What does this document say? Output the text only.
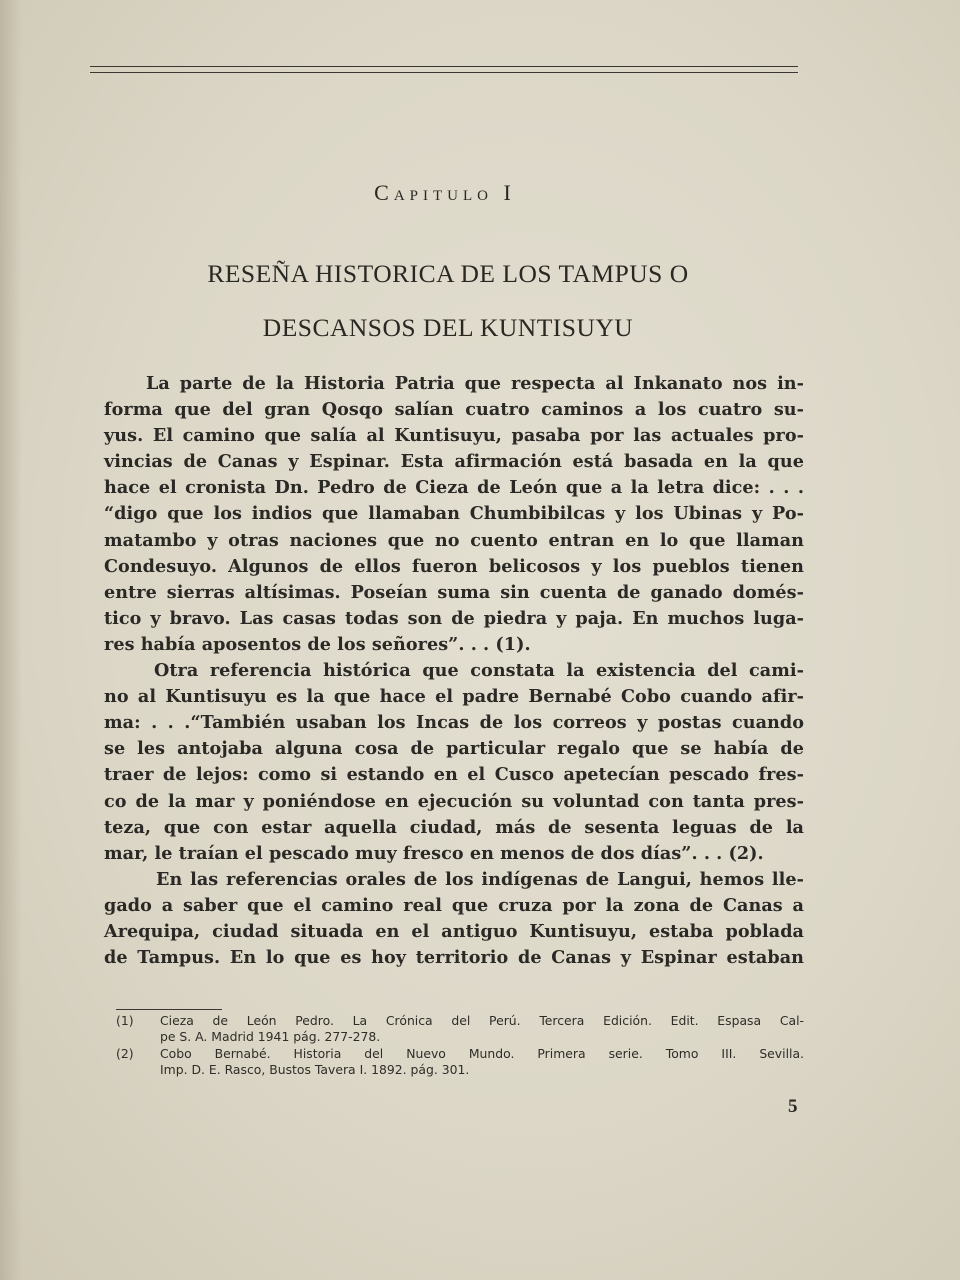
Capitulo I
RESEÑA HISTORICA DE LOS TAMPUS O
DESCANSOS DEL KUNTISUYU
La parte de la Historia Patria que respecta al Inkanato nos in-
forma que del gran Qosqo salían cuatro caminos a los cuatro su-
yus. El camino que salía al Kuntisuyu, pasaba por las actuales pro-
vincias de Canas y Espinar. Esta afirmación está basada en la que
hace el cronista Dn. Pedro de Cieza de León que a la letra dice: . . .
“digo que los indios que llamaban Chumbibilcas y los Ubinas y Po-
matambo y otras naciones que no cuento entran en lo que llaman
Condesuyo. Algunos de ellos fueron belicosos y los pueblos tienen
entre sierras altísimas. Poseían suma sin cuenta de ganado domés-
tico y bravo. Las casas todas son de piedra y paja. En muchos luga-
res había aposentos de los señores”. . . (1).
Otra referencia histórica que constata la existencia del cami-
no al Kuntisuyu es la que hace el padre Bernabé Cobo cuando afir-
ma: . . .“También usaban los Incas de los correos y postas cuando
se les antojaba alguna cosa de particular regalo que se había de
traer de lejos: como si estando en el Cusco apetecían pescado fres-
co de la mar y poniéndose en ejecución su voluntad con tanta pres-
teza, que con estar aquella ciudad, más de sesenta leguas de la
mar, le traían el pescado muy fresco en menos de dos días”. . . (2).
En las referencias orales de los indígenas de Langui, hemos lle-
gado a saber que el camino real que cruza por la zona de Canas a
Arequipa, ciudad situada en el antiguo Kuntisuyu, estaba poblada
de Tampus. En lo que es hoy territorio de Canas y Espinar estaban
(1) Cieza de León Pedro. La Crónica del Perú. Tercera Edición. Edit. Espasa Cal-
pe S. A. Madrid 1941 pág. 277-278.
(2) Cobo Bernabé. Historia del Nuevo Mundo. Primera serie. Tomo III. Sevilla.
Imp. D. E. Rasco, Bustos Tavera I. 1892. pág. 301.
5
